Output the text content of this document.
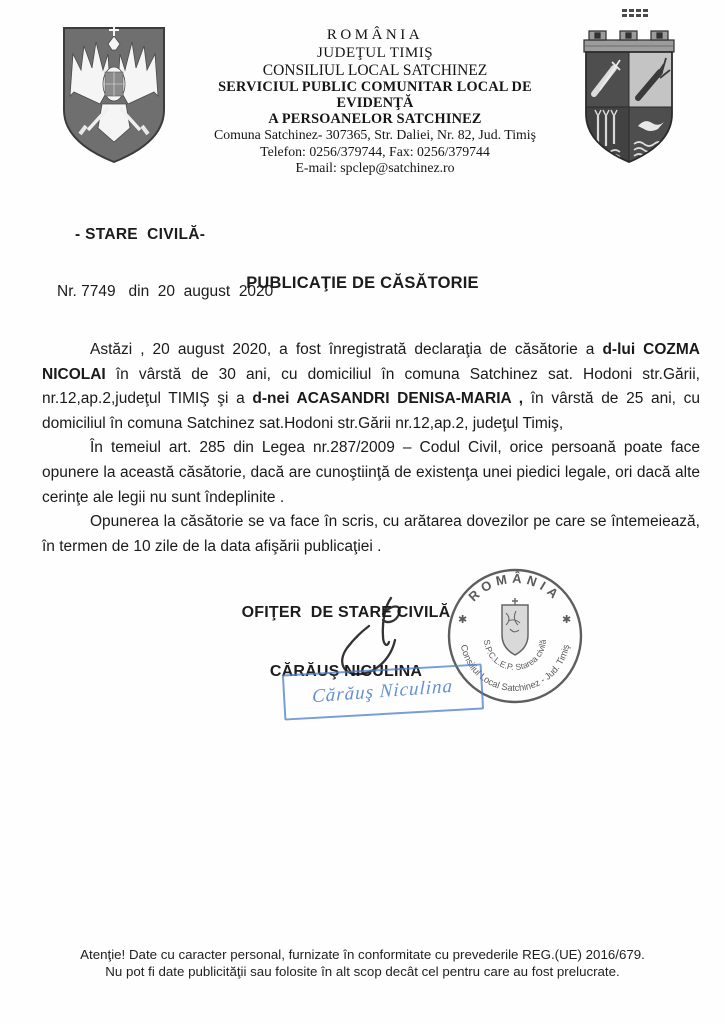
ROMÂNIA
JUDEŢUL TIMIŞ
CONSILIUL LOCAL SATCHINEZ
SERVICIUL PUBLIC COMUNITAR LOCAL DE EVIDENŢĂ
A PERSOANELOR SATCHINEZ
Comuna Satchinez- 307365, Str. Daliei, Nr. 82, Jud. Timiş
Telefon: 0256/379744, Fax: 0256/379744
E-mail: spclep@satchinez.ro

- STARE  CIVILĂ-

Nr. 7749   din  20  august  2020

PUBLICAŢIE DE CĂSĂTORIE

Astăzi , 20 august 2020, a fost înregistrată declaraţia de căsătorie a d-lui COZMA NICOLAI în vârstă de 30 ani, cu domiciliul în comuna Satchinez sat. Hodoni str.Gării, nr.12,ap.2,judeţul TIMIŞ şi a d-nei ACASANDRI DENISA-MARIA , în vârstă de 25 ani, cu domiciliul în comuna Satchinez sat.Hodoni str.Gării nr.12,ap.2, judeţul Timiş,

În temeiul art. 285 din Legea nr.287/2009 – Codul Civil, orice persoană poate face opunere la această căsătorie, dacă are cunoştiinţă de existenţa unei piedici legale, ori dacă alte cerinţe ale legii nu sunt îndeplinite .

Opunerea la căsătorie se va face în scris, cu arătarea dovezilor pe care se întemeiează, în termen de 10 zile de la data afişării publicaţiei .

OFIŢER  DE STARE CIVILĂ

CĂRĂUŞ NICULINA

ROMÂNIA
Consiliul Local Satchinez - Jud. Timiş
S.P.C.L.E.P. Starea civilă
✱	✱
Cărăuş Niculina
Atenţie! Date cu caracter personal, furnizate în conformitate cu prevederile REG.(UE) 2016/679.
Nu pot fi date publicităţii sau folosite în alt scop decât cel pentru care au fost prelucrate.
